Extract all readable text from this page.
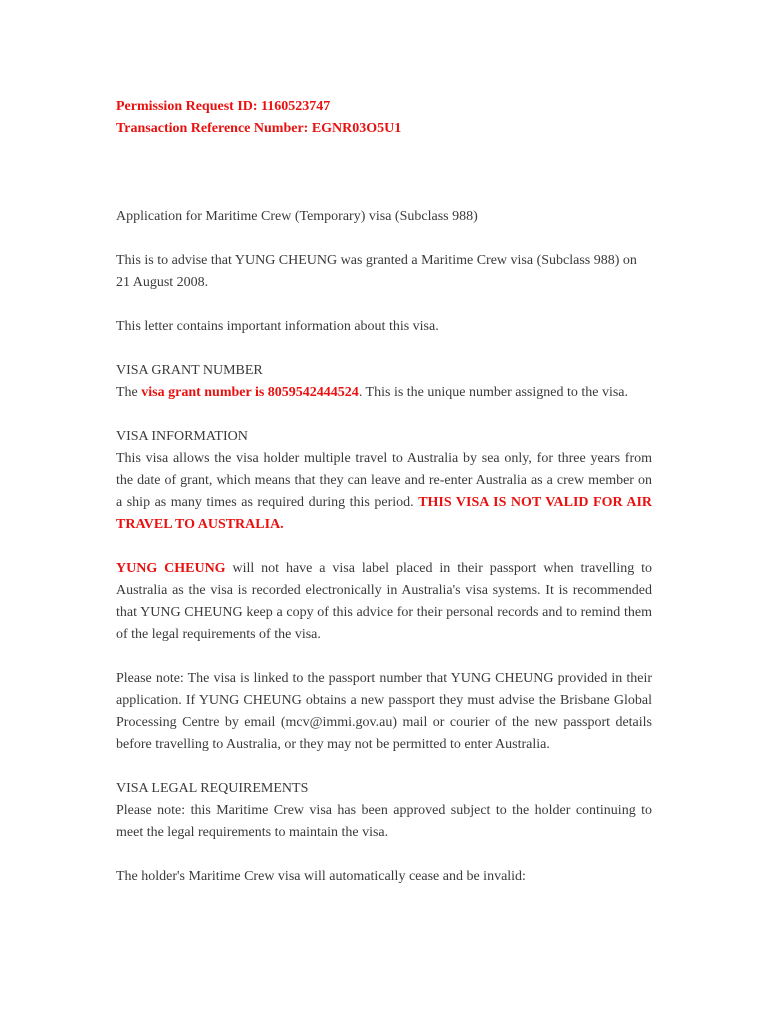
Permission Request ID: 1160523747

Transaction Reference Number: EGNR03O5U1

Application for Maritime Crew (Temporary) visa (Subclass 988)

This is to advise that YUNG CHEUNG was granted a Maritime Crew visa (Subclass 988) on 21 August 2008.

This letter contains important information about this visa.

VISA GRANT NUMBER

The visa grant number is 8059542444524. This is the unique number assigned to the visa.

VISA INFORMATION

This visa allows the visa holder multiple travel to Australia by sea only, for three years from the date of grant, which means that they can leave and re-enter Australia as a crew member on a ship as many times as required during this period. THIS VISA IS NOT VALID FOR AIR TRAVEL TO AUSTRALIA.

YUNG CHEUNG will not have a visa label placed in their passport when travelling to Australia as the visa is recorded electronically in Australia's visa systems. It is recommended that YUNG CHEUNG keep a copy of this advice for their personal records and to remind them of the legal requirements of the visa.

Please note: The visa is linked to the passport number that YUNG CHEUNG provided in their application. If YUNG CHEUNG obtains a new passport they must advise the Brisbane Global Processing Centre by email (mcv@immi.gov.au) mail or courier of the new passport details before travelling to Australia, or they may not be permitted to enter Australia.

VISA LEGAL REQUIREMENTS

Please note: this Maritime Crew visa has been approved subject to the holder continuing to meet the legal requirements to maintain the visa.

The holder's Maritime Crew visa will automatically cease and be invalid:
